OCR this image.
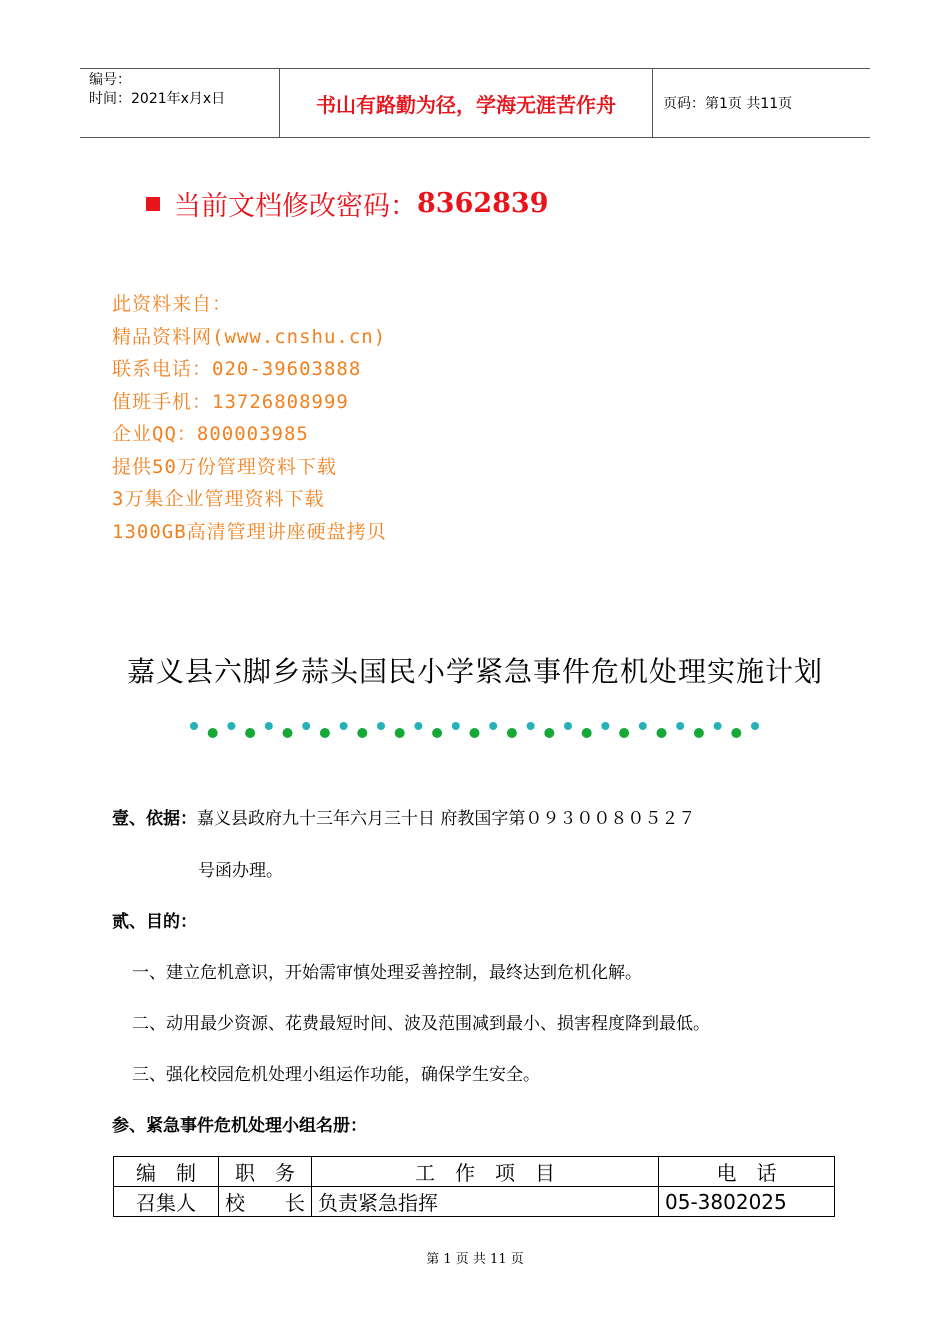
编号：
时间：2021年x月x日	书山有路勤为径，学海无涯苦作舟	页码：第1页 共11页
当前文档修改密码： 8362839
此资料来自：
精品资料网(www.cnshu.cn)
联系电话：020-39603888
值班手机：13726808999
企业QQ：800003985
提供50万份管理资料下载
3万集企业管理资料下载
1300GB高清管理讲座硬盘拷贝
嘉义县六脚乡蒜头国民小学紧急事件危机处理实施计划
壹、依据：嘉义县政府九十三年六月三十日 府教国字第０９３００８０５２７
号函办理。
贰、目的：
一、建立危机意识，开始需审慎处理妥善控制，最终达到危机化解。
二、动用最少资源、花费最短时间、波及范围减到最小、损害程度降到最低。
三、强化校园危机处理小组运作功能，确保学生安全。
参、紧急事件危机处理小组名册：
编　制	职　务	工　作　项　目	电　话
召集人	校　　长	负责紧急指挥	05-3802025
第 1 页 共 11 页
